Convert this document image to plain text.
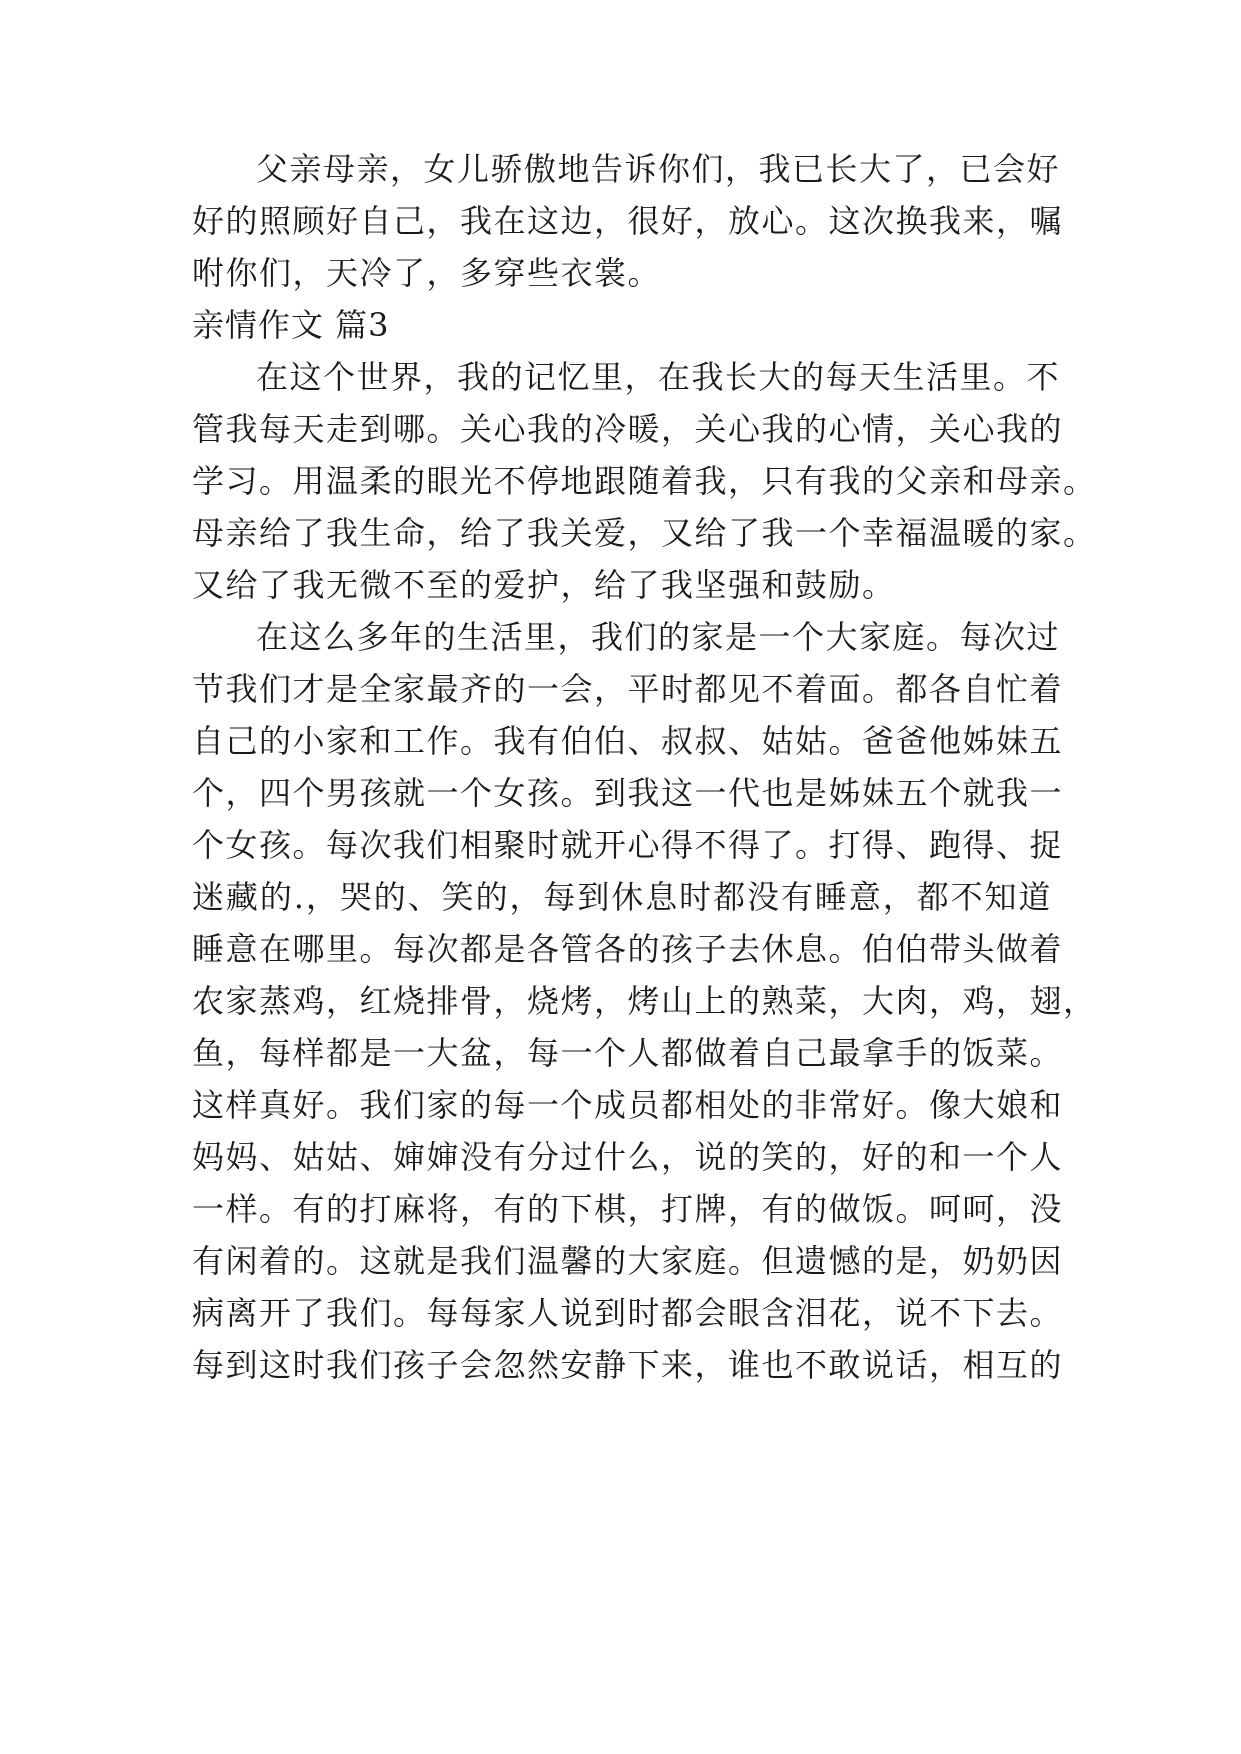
父亲母亲，女儿骄傲地告诉你们，我已长大了，已会好
好的照顾好自己，我在这边，很好，放心。这次换我来，嘱
咐你们，天冷了，多穿些衣裳。
亲情作文 篇3
在这个世界，我的记忆里，在我长大的每天生活里。不
管我每天走到哪。关心我的冷暖，关心我的心情，关心我的
学习。用温柔的眼光不停地跟随着我，只有我的父亲和母亲。
母亲给了我生命，给了我关爱，又给了我一个幸福温暖的家。
又给了我无微不至的爱护，给了我坚强和鼓励。
在这么多年的生活里，我们的家是一个大家庭。每次过
节我们才是全家最齐的一会，平时都见不着面。都各自忙着
自己的小家和工作。我有伯伯、叔叔、姑姑。爸爸他姊妹五
个，四个男孩就一个女孩。到我这一代也是姊妹五个就我一
个女孩。每次我们相聚时就开心得不得了。打得、跑得、捉
迷藏的.，哭的、笑的，每到休息时都没有睡意，都不知道
睡意在哪里。每次都是各管各的孩子去休息。伯伯带头做着
农家蒸鸡，红烧排骨，烧烤，烤山上的熟菜，大肉，鸡，翅，
鱼，每样都是一大盆，每一个人都做着自己最拿手的饭菜。
这样真好。我们家的每一个成员都相处的非常好。像大娘和
妈妈、姑姑、婶婶没有分过什么，说的笑的，好的和一个人
一样。有的打麻将，有的下棋，打牌，有的做饭。呵呵，没
有闲着的。这就是我们温馨的大家庭。但遗憾的是，奶奶因
病离开了我们。每每家人说到时都会眼含泪花，说不下去。
每到这时我们孩子会忽然安静下来，谁也不敢说话，相互的
